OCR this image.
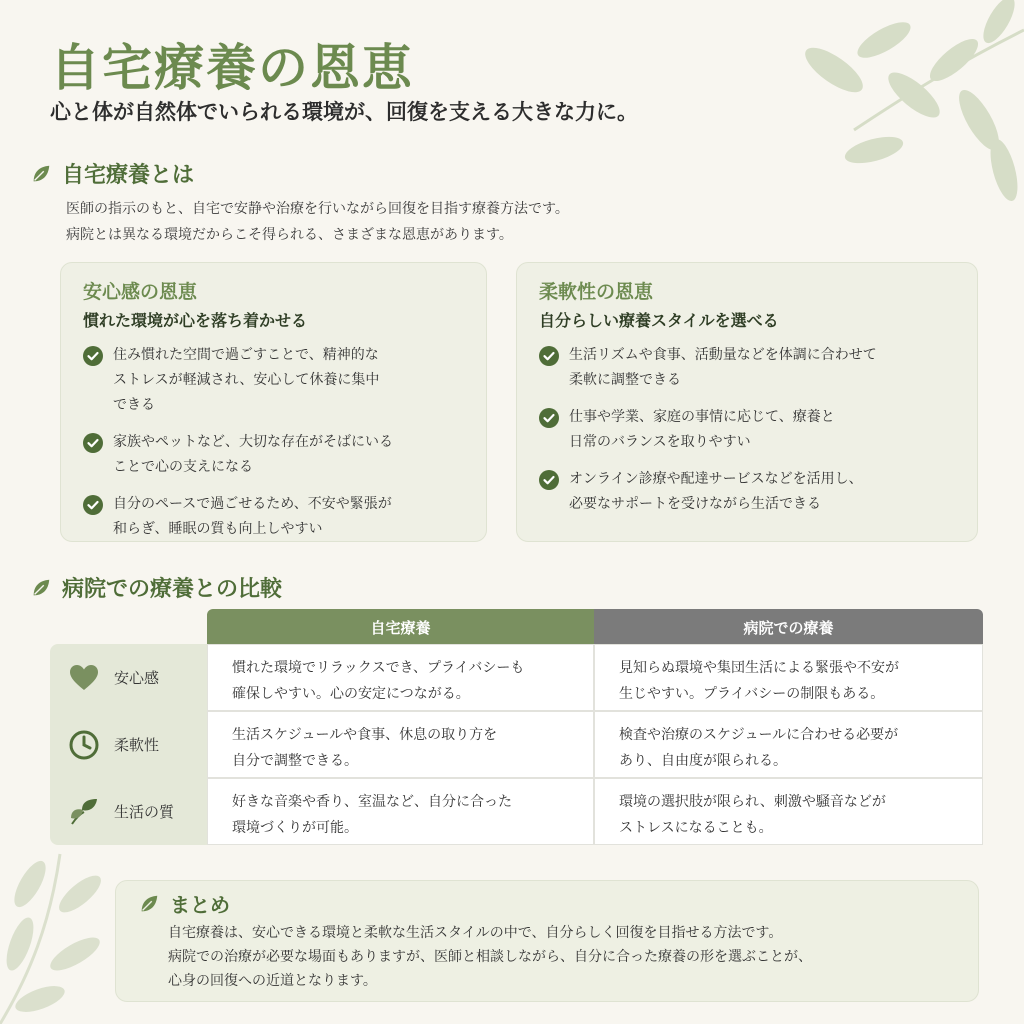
自宅療養の恩恵
心と体が自然体でいられる環境が、回復を支える大きな力に。
自宅療養とは
医師の指示のもと、自宅で安静や治療を行いながら回復を目指す療養方法です。
病院とは異なる環境だからこそ得られる、さまざまな恩恵があります。
安心感の恩恵
慣れた環境が心を落ち着かせる
住み慣れた空間で過ごすことで、精神的な
ストレスが軽減され、安心して休養に集中
できる
家族やペットなど、大切な存在がそばにいる
ことで心の支えになる
自分のペースで過ごせるため、不安や緊張が
和らぎ、睡眠の質も向上しやすい
柔軟性の恩恵
自分らしい療養スタイルを選べる
生活リズムや食事、活動量などを体調に合わせて
柔軟に調整できる
仕事や学業、家庭の事情に応じて、療養と
日常のバランスを取りやすい
オンライン診療や配達サービスなどを活用し、
必要なサポートを受けながら生活できる
病院での療養との比較
自宅療養	病院での療養
安心感
慣れた環境でリラックスでき、プライバシーも
確保しやすい。心の安定につながる。
見知らぬ環境や集団生活による緊張や不安が
生じやすい。プライバシーの制限もある。
柔軟性
生活スケジュールや食事、休息の取り方を
自分で調整できる。
検査や治療のスケジュールに合わせる必要が
あり、自由度が限られる。
生活の質
好きな音楽や香り、室温など、自分に合った
環境づくりが可能。
環境の選択肢が限られ、刺激や騒音などが
ストレスになることも。
まとめ
自宅療養は、安心できる環境と柔軟な生活スタイルの中で、自分らしく回復を目指せる方法です。
病院での治療が必要な場面もありますが、医師と相談しながら、自分に合った療養の形を選ぶことが、
心身の回復への近道となります。
